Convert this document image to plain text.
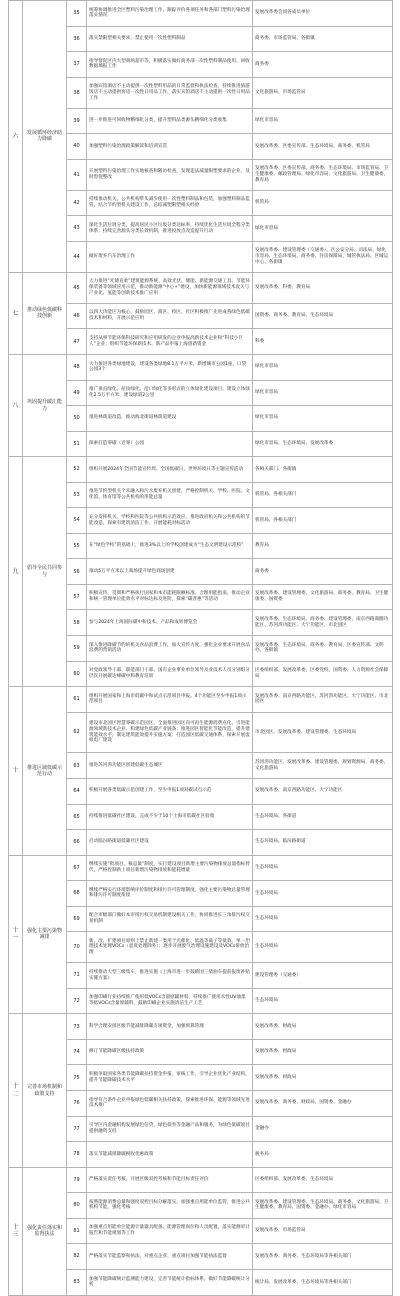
六	发展循环经济助力降碳	35	统筹协调推进全区塑料污染治理工作，跟踪评价各项任务和各部门塑料污染治理落实情况	发展改革委会同各成员单位
		36	落实禁限塑相关要求，禁止使用一次性塑料制品	商务委、市场监管局、各街镇
		37	指导督促区内大型商场超市等，积极落实做好商务部一次性塑料制品使用、回收数据填报工作	商务委
		38	加强宾馆酒店不主动提供一次性塑料用品的日常监督和执法检查，持续推进旅游饭店不主动提供客房一次性日用品工作，落实宾馆酒店不主动提供一次性日用品工作	文化旅游局、市场监管局
		39	进一步推进可回收物精细化分类，提升塑料品类源头精细化分类收集	绿化市容局
		40	加强塑料污染治理政策解读和培训宣贯	发展改革委、区委宣传部、生态环境局、商务委、机管局
		41	开展塑料污染治理工作实地核查和随访检查，发现违法减量限塑要求的企业，及时督促整改	发展改革委、区委宣传部、商务委、生态环境局、市场监管局、卫生健康委、邮政管理局、绿化市容局、文化旅游局、卫生健康委、教育局
		42	持续推动机关、公共机构带头减少使用一次性塑料制品和包装，加强塑料制品监管，结合节约型机关建设工作，总结减塑限塑相关经验	机管局
		43	深化生活垃圾分类，提高居民小区垃圾分类达标率，持续优化生活垃圾全程分类体系；持续完善源头分类长效机制，推进投放点改造提升行动	绿化市容局
		44	做好废弃汽车治理工作	发展改革委、建设管理委（交通委），区公安分局、司法局、绿化市容局、生态环境局、商务委、住房保障局、城管执法局、区城运中心、各街镇
七	推动绿色低碳科技创新	45	大力推进“光储直柔”建筑能源系统、高效光伏、储能、新能源交通工具、节能环保装备等领域应用示范，推动新能源“中心+”建设，加快新能源领域技术攻关与产业化、氢能等创新技术推广应用	发展改革委、科委、教育局
		46	以四大功能区为核心，鼓励园区、商区、校区、社区积极推广先进成熟绿色低碳技术和材料，开展示范应用	国资委、商务委、教育局、生态环境局
		47	支持从事节能环保科技研究和应用研发的企业申报高新技术企业和“科技小巨人”企业；组织节能环保新技术、新产品申报上海创新资金	科委
八	巩固提升碳汇能力	48	大力推进各类绿地建设，建设各类绿地8.1万平方米，新增城市公园1座，口袋公园3个	绿化市容局
		49	推广垂直绿化、屋顶绿化、沿口绿化等多形式的立体绿化建设项目，建设立体绿化2.5万平方米，建设绿道2公里	绿化市容局
		50	推进林荫道改造，推动海北街道林荫道建设	绿化市容局
		51	探索打造零碳（近零）公园	绿化市容局、生态环境局、发展改革委
九	倡导全民共同参与	52	组织开展2024年全国节能宣传周、全国低碳日、世界环境日等主题宣传活动	各相关部门、各街镇
		53	推进节约型机关个未融入和污水废弃机关创建，严格控制机关、学校、医院、文化馆、体育馆等公共机构的用能总量	机管局、各相关部门
		54	充分发挥机关、学校和医院等公共机构示范效应，推进政府机关和公共机构的节能改造，探索有建筑清洁工作，开展能耗对标活动	机管局、各相关部门
		55	在“绿色学校”的基础上，推进3%以上的学校创建成为“生态文明建设示范校”	教育局
		56	推动5万平方米以上商场提升绿色商场创建	商务委
		57	积极宣传、贯彻和严格执行国家和本市能耗限额标准，合理用能指南，推动企业和统一管理单位能效水平对标达标及进阶，探索“碳普惠”等活动	发展改革委、建设管理委、文化旅游局、商务委、教育局、卫生健康委、国资委
		58	参与2024年上海国际碳中和技术、产品和成果博览会	发展改革委、生态环境局、商务委、建设管理委、南京西路商圈功能区、苏河湾功能区、大宁功能区、市北园区
		59	深入推进降碳节约的机关食品浪费工作，加大宣传力度，强化企业要求开展食品浪费的营销活动	发展改革委、生态环境局、商务委、教育局、区委宣传部、文明办、各街镇
		60	对党政领导干部、职能部门干部、国有企业事业单位领导及业技术人员分别组分层次开展碳达峰碳中和教育培训	区委组织部、发展改革委、区委党校、国资委、人力资源社会保障局
十	推进区域低碳示范行动	61	组织开展国家和上海市低碳中和试点示范项目申报。4个功能区至少申报1项示范项目	发展改革委、南京西路功能区、苏河湾功能区、大宁功能区、市北园区
		62	建设市北园区智慧零碳示范园区，全面推进园区向可再生能源消费点化、引进能源领域新技术企业、构建绿色低碳产业链条；推进园区智能化节能改造，提升建筑能效水平，制定建筑能效提升实施方案；打造园区低碳交通体系，探索开展虚拟电厂建设	市北园区、发展改革委、建设管理委、生态环境局
		63	推进苏河湾功能区创建低碳生态城区	苏河湾功能区、发展改革委、建设管理委、规划资源局、商务委、文化旅游局
		64	积极开展各类低碳示范创建工作，至少申报1项双碳试点示范	发展改革委、南京西路功能区、大宁功能区
		65	持续推进低碳社区建设，完成不少于10个上海市低碳社区验收	生态环境局、各街道
		66	启动临汾路街道低碳社区建设	生态环境局、临汾路街道
十一	强化主要污染物减排	67	继续实施“批项目、核总量”制度，实行建设项目新增主要污染物排放总量指标替代，严格控制新上项目新增污染物排放和能耗增量	生态环境局
		68	继续严格实行环境影响评价制度和排污许可管理制度，强化主要污染物总量管理和排污许可制度衔接	生态环境局
		69	配合市级部门做好本市排污权交易机制建设相关工作，协同推进长三角排污权交易机制	生态环境局
		70	新、改、扩建项目原则上禁止新建一类用于光催化、低温等离子等低效、单一治理技术处理VOCs（恶臭处理除外）；逐步开展废气治理设施建设及VOCs排放治理	生态环境局
		71	持续推动大型三级集车，推进实施《上海市进一步鼓励国三柴油车提前报废补贴实施方案》	建设管理委（交通委）
		72	加强印刷行业持续推广使用低VOCs含量原辅材料，持续推广使用水性UV油墨等低VOCs含量原辅料，鼓励印刷企业实施清洁生产工艺	生态环境局
十二	完善市场机制和政策支持	73	科学合理安排区级节能减排降碳专项资金，加强预算管理	发展改革委、财政局
		74	修订节能降碳区级扶持政策	发展改革委、财政局
		75	积极争取国家各类节能降碳扶持资金申报，审核工作，引导企业优化产业结构，提升节能降碳技术水平	发展改革委、财政局
		76	指导符合条件企业申报绿色低碳相关扶持政策，探索推进环保、能源等领域先进技术推广	发展改革委、商务委、财政局、国资委、金融办
		77	引导区内金融机构发展绿色信贷、绿色债券等金融产品和服务，为绿色低碳项目提供融资支持	金融办
		78	落实节能减排降碳税收优惠政策	税务局
十三	强化责任落实和监督执法	79	严格落实责任考核，开展区级双控考核和节能目标责任评价	区委组织部、发展改革委、生态环境局
		80	按照能源消费总量和强度双控目标分解落实，加强重点用能单位监管，推进公共机构节能，强化考核	发展改革委、建设管理委、生态环境局、商务委、文化旅游局、卫生健康委、教育局、国资委、金融办、绿化市容局
		81	加强重点用能单位能源计量器具配备、能源管理岗位和人员配置，落实能源审计报告和节能规划等工作	发展改革委、市场监管局
		82	严格落实节能监察和执法，对重点企业、重点项目加强节能执法监督	发展改革委、商务委、生态环境局等各相关部门
		83	加强节能降碳统计监测能力建设，完善节能统计指标体系，做好节能降碳统计分析	统计局、发展改革委、生态环境局等各相关部门
